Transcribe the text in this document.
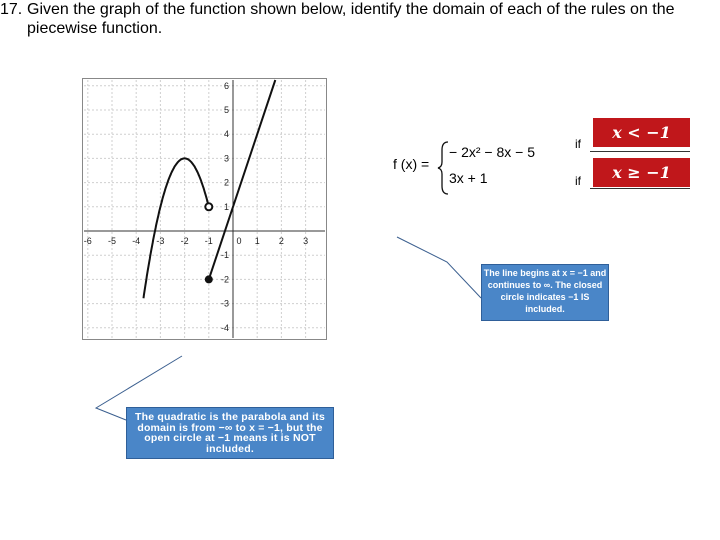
17. Given the graph of the function shown below, identify the domain of each of the rules on the piecewise function.
-6 -5 -4 -3 -2 -1	0 1 2 3
6
5
4
3
2
1
-1
-2
-3
-4
f (x) =
− 2x² − 8x − 5
3x + 1
if
if
x < −1
x ≥ −1
The line begins at x = −1 and continues to ∞. The closed circle indicates −1 IS included.
The quadratic is the parabola and its domain is from −∞ to x = −1, but the open circle at −1 means it is NOT included.
